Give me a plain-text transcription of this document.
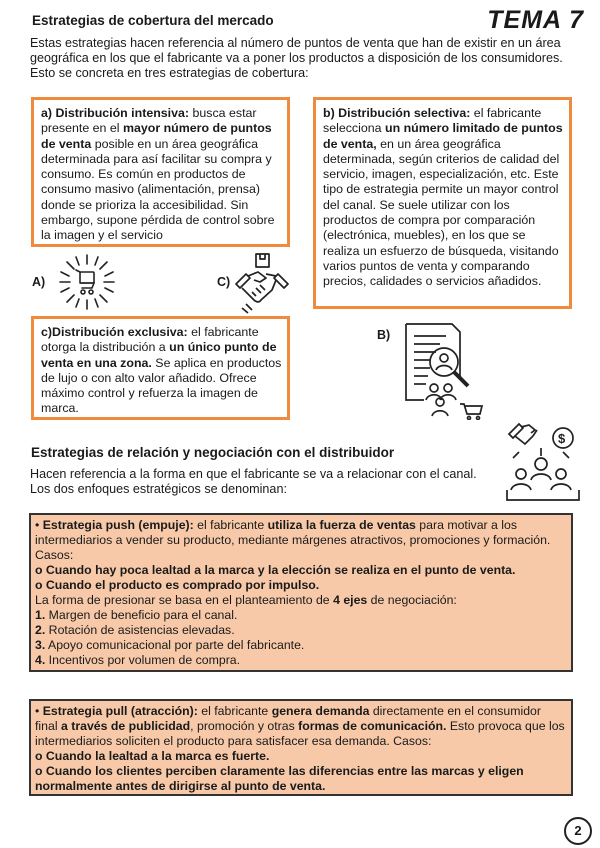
Estrategias de cobertura del mercado	TEMA 7
Estas estrategias hacen referencia al número de puntos de venta que han de existir en un área geográfica en los que el fabricante va a poner los productos a disposición de los consumidores. Esto se concreta en tres estrategias de cobertura:
a) Distribución intensiva: busca estar presente en el mayor número de puntos de venta posible en un área geográfica determinada para así facilitar su compra y consumo. Es común en productos de consumo masivo (alimentación, prensa) donde se prioriza la accesibilidad. Sin embargo, supone pérdida de control sobre la imagen y el servicio
b) Distribución selectiva: el fabricante selecciona un número limitado de puntos de venta, en un área geográfica determinada, según criterios de calidad del servicio, imagen, especialización, etc. Este tipo de estrategia permite un mayor control del canal. Se suele utilizar con los productos de compra por comparación (electrónica, muebles), en los que se realiza un esfuerzo de búsqueda, visitando varios puntos de venta y comparando precios, calidades o servicios añadidos.
c)Distribución exclusiva: el fabricante otorga la distribución a un único punto de venta en una zona. Se aplica en productos de lujo o con alto valor añadido. Ofrece máximo control y refuerza la imagen de marca.
A)	C)
B)
$
Estrategias de relación y negociación con el distribuidor
Hacen referencia a la forma en que el fabricante se va a relacionar con el canal. Los dos enfoques estratégicos se denominan:
• Estrategia push (empuje): el fabricante utiliza la fuerza de ventas para motivar a los intermediarios a vender su producto, mediante márgenes atractivos, promociones y formación. Casos:
o Cuando hay poca lealtad a la marca y la elección se realiza en el punto de venta.
o Cuando el producto es comprado por impulso.
La forma de presionar se basa en el planteamiento de 4 ejes de negociación:
1. Margen de beneficio para el canal.
2. Rotación de asistencias elevadas.
3. Apoyo comunicacional por parte del fabricante.
4. Incentivos por volumen de compra.
• Estrategia pull (atracción): el fabricante genera demanda directamente en el consumidor final a través de publicidad, promoción y otras formas de comunicación. Esto provoca que los intermediarios soliciten el producto para satisfacer esa demanda. Casos:
o Cuando la lealtad a la marca es fuerte.
o Cuando los clientes perciben claramente las diferencias entre las marcas y eligen normalmente antes de dirigirse al punto de venta.
2
